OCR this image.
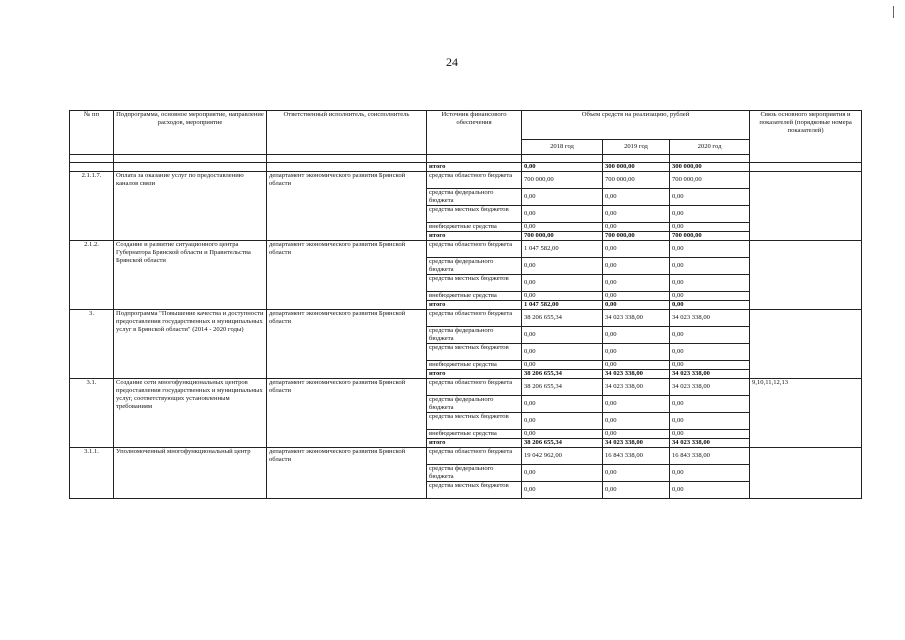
24
№ пп	Подпрограмма, основное мероприятие, направление расходов, мероприятие	Ответственный исполнитель, соисполнитель	Источник финансового обеспечения	Объем средств на реализацию, рублей			Связь основного мероприятия и показателей (порядковые номера показателей)
				2018 год	2019 год	2020 год	

			итого	0,00	300 000,00	300 000,00	
2.1.1.7.	Оплата за оказание услуг по предоставлению каналов связи	департамент экономического развития Брянской области	средства областного бюджета	700 000,00	700 000,00	700 000,00	
			средства федерального бюджета	0,00	0,00	0,00	
			средства местных бюджетов	0,00	0,00	0,00	
			внебюджетные средства	0,00	0,00	0,00	
			итого	700 000,00	700 000,00	700 000,00	
2.1.2.	Создание и развитие ситуационного центра Губернатора Брянской области и Правительства Брянской области	департамент экономического развития Брянской области	средства областного бюджета	1 047 582,00	0,00	0,00	
			средства федерального бюджета	0,00	0,00	0,00	
			средства местных бюджетов	0,00	0,00	0,00	
			внебюджетные средства	0,00	0,00	0,00	
			итого	1 047 582,00	0,00	0,00	
3.	Подпрограмма "Повышение качества и доступности предоставления государственных и муниципальных услуг в Брянской области" (2014 - 2020 годы)	департамент экономического развития Брянской области	средства областного бюджета	38 206 655,34	34 023 338,00	34 023 338,00	
			средства федерального бюджета	0,00	0,00	0,00	
			средства местных бюджетов	0,00	0,00	0,00	
			внебюджетные средства	0,00	0,00	0,00	
			итого	38 206 655,34	34 023 338,00	34 023 338,00	
3.1.	Создание сети многофункциональных центров предоставления государственных и муниципальных услуг, соответствующих установленным требованиям	департамент экономического развития Брянской области	средства областного бюджета	38 206 655,34	34 023 338,00	34 023 338,00	9,10,11,12,13
			средства федерального бюджета	0,00	0,00	0,00	
			средства местных бюджетов	0,00	0,00	0,00	
			внебюджетные средства	0,00	0,00	0,00	
			итого	38 206 655,34	34 023 338,00	34 023 338,00	
3.1.1.	Уполномоченный многофункциональный центр	департамент экономического развития Брянской области	средства областного бюджета	19 042 962,00	16 843 338,00	16 843 338,00	
			средства федерального бюджета	0,00	0,00	0,00	
			средства местных бюджетов	0,00	0,00	0,00	
